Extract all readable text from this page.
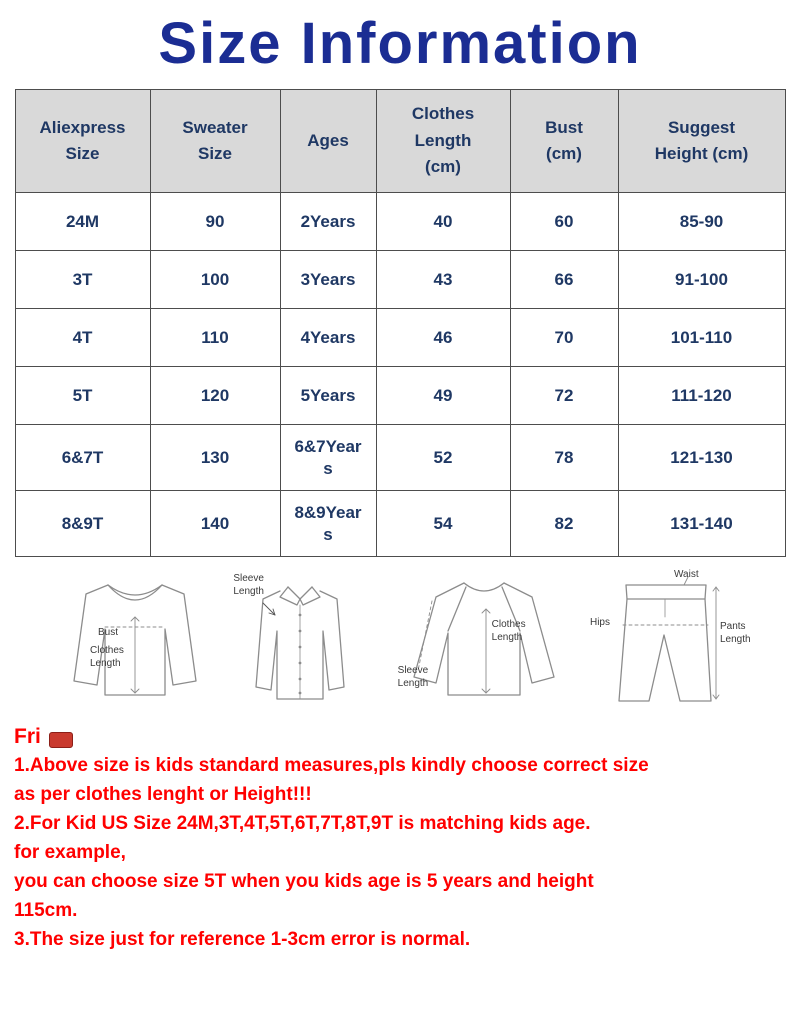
Size Information
Aliexpress Size	Sweater Size	Ages	Clothes Length (cm)	Bust (cm)	Suggest Height (cm)
24M	90	2Years	40	60	85-90
3T	100	3Years	43	66	91-100
4T	110	4Years	46	70	101-110
5T	120	5Years	49	72	111-120
6&7T	130	6&7Years	52	78	121-130
8&9T	140	8&9Years	54	82	131-140
Bust
Clothes Length
Sleeve Length
Clothes Length
Sleeve Length
Waist
Hips	Pants Length
Fri
1.Above size is kids standard measures,pls kindly choose correct size
as per clothes lenght or Height!!!
2.For Kid US Size 24M,3T,4T,5T,6T,7T,8T,9T is matching kids age.
for example,
you can choose size 5T when you kids age is 5 years and height
115cm.
3.The size just for reference 1-3cm error is normal.
